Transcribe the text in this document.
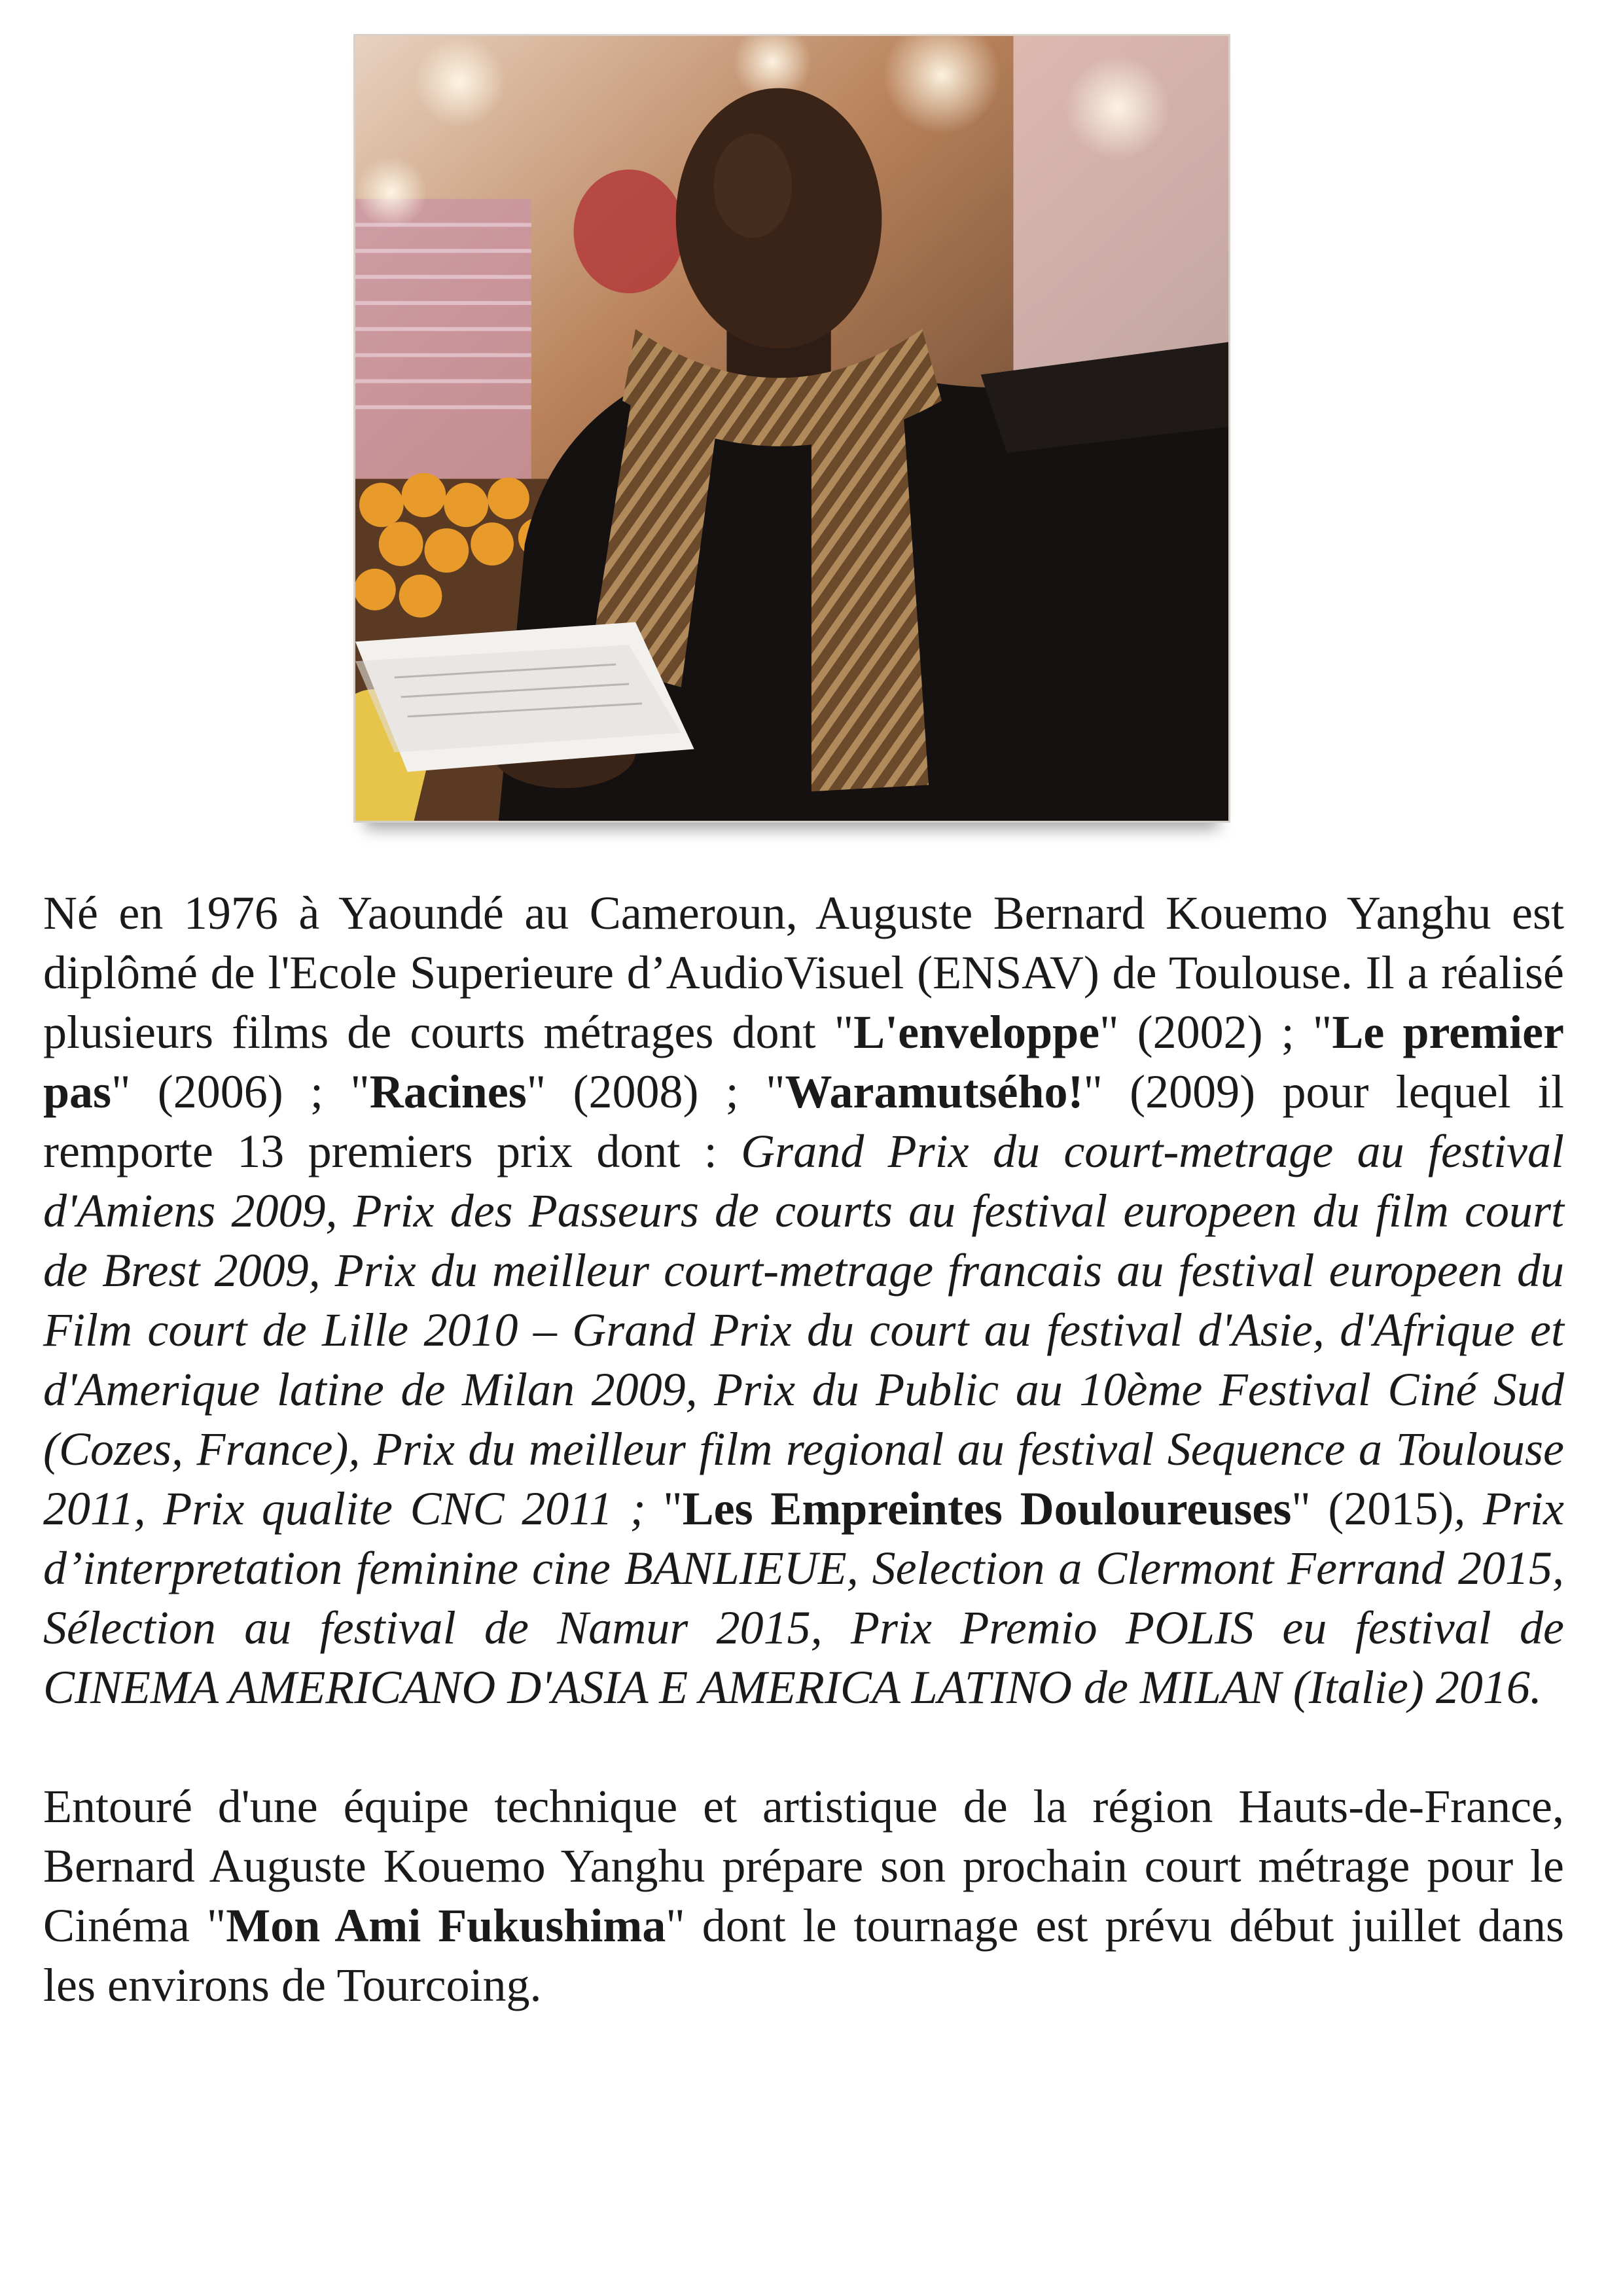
Né en 1976 à Yaoundé au Cameroun, Auguste Bernard Kouemo Yanghu est diplômé de l'Ecole Superieure d’AudioVisuel (ENSAV) de Toulouse. Il a réalisé plusieurs films de courts métrages dont "L'enveloppe" (2002) ; "Le premier pas" (2006) ; "Racines" (2008) ; "Waramutsého!" (2009) pour lequel il remporte 13 premiers prix dont : Grand Prix du court-metrage au festival d'Amiens 2009, Prix des Passeurs de courts au festival europeen du film court de Brest 2009, Prix du meilleur court-metrage francais au festival europeen du Film court de Lille 2010 – Grand Prix du court au festival d'Asie, d'Afrique et d'Amerique latine de Milan 2009, Prix du Public au 10ème Festival Ciné Sud (Cozes, France), Prix du meilleur film regional au festival Sequence a Toulouse 2011, Prix qualite CNC 2011 ; "Les Empreintes Douloureuses" (2015), Prix d’interpretation feminine cine BANLIEUE, Selection a Clermont Ferrand 2015, Sélection au festival de Namur 2015, Prix Premio POLIS eu festival de CINEMA AMERICANO D'ASIA E AMERICA LATINO de MILAN (Italie) 2016.

Entouré d'une équipe technique et artistique de la région Hauts-de-France, Bernard Auguste Kouemo Yanghu prépare son prochain court métrage pour le Cinéma "Mon Ami Fukushima" dont le tournage est prévu début juillet dans les environs de Tourcoing.
